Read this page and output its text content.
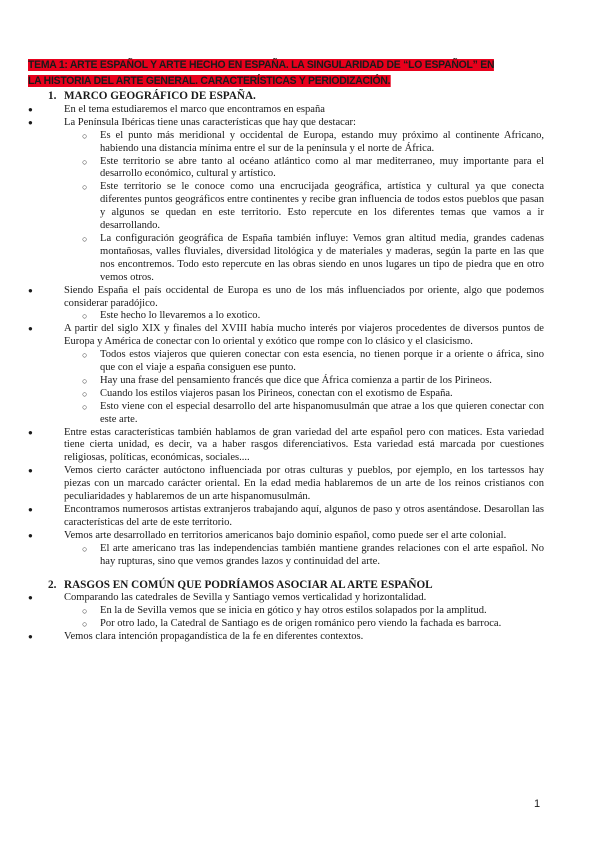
TEMA 1: ARTE ESPAÑOL Y ARTE HECHO EN ESPAÑA. LA SINGULARIDAD DE “LO ESPAÑOL” EN LA HISTORIA DEL ARTE GENERAL. CARACTERÍSTICAS Y PERIODIZACIÓN.
1. MARCO GEOGRÁFICO DE ESPAÑA.
● En el tema estudiaremos el marco que encontramos en españa
● La Península Ibéricas tiene unas características que hay que destacar:
○ Es el punto más meridional y occidental de Europa, estando muy próximo al continente Africano, habiendo una distancia mínima entre el sur de la península y el norte de África.
○ Este territorio se abre tanto al océano atlántico como al mar mediterraneo, muy importante para el desarrollo económico, cultural y artístico.
○ Este territorio se le conoce como una encrucijada geográfica, artística y cultural ya que conecta diferentes puntos geográficos entre continentes y recibe gran influencia de todos estos pueblos que pasan y algunos se quedan en este territorio. Esto repercute en los diferentes temas que vamos a ir desarrollando.
○ La configuración geográfica de España también influye: Vemos gran altitud media, grandes cadenas montañosas, valles fluviales, diversidad litológica y de materiales y maderas, según la parte en las que nos encontremos. Todo esto repercute en las obras siendo en unos lugares un tipo de piedra que en otro vemos otros.
● Siendo España el país occidental de Europa es uno de los más influenciados por oriente, algo que podemos considerar paradójico.
○ Este hecho lo llevaremos a lo exotico.
● A partir del siglo XIX y finales del XVIII había mucho interés por viajeros procedentes de diversos puntos de Europa y América de conectar con lo oriental y exótico que rompe con lo clásico y el clasicismo.
○ Todos estos viajeros que quieren conectar con esta esencia, no tienen porque ir a oriente o áfrica, sino que con el viaje a españa consiguen ese punto.
○ Hay una frase del pensamiento francés que dice que África comienza a partir de los Pirineos.
○ Cuando los estilos viajeros pasan los Pirineos, conectan con el exotismo de España.
○ Esto viene con el especial desarrollo del arte hispanomusulmán que atrae a los que quieren conectar con este arte.
● Entre estas características también hablamos de gran variedad del arte español pero con matices. Esta variedad tiene cierta unidad, es decir, va a haber rasgos diferenciativos. Esta variedad está marcada por cuestiones religiosas, políticas, económicas, sociales....
● Vemos cierto carácter autóctono influenciada por otras culturas y pueblos, por ejemplo, en los tartessos hay piezas con un marcado carácter oriental. En la edad media hablaremos de un arte de los reinos cristianos con peculiaridades y hablaremos de un arte hispanomusulmán.
● Encontramos numerosos artistas extranjeros trabajando aquí, algunos de paso y otros asentándose. Desarollan las características del arte de este territorio.
● Vemos arte desarrollado en territorios americanos bajo dominio español, como puede ser el arte colonial.
○ El arte americano tras las independencias también mantiene grandes relaciones con el arte español. No hay rupturas, sino que vemos grandes lazos y continuidad del arte.
2. RASGOS EN COMÚN QUE PODRÍAMOS ASOCIAR AL ARTE ESPAÑOL
● Comparando las catedrales de Sevilla y Santiago vemos verticalidad y horizontalidad.
○ En la de Sevilla vemos que se inicia en gótico y hay otros estilos solapados por la amplitud.
○ Por otro lado, la Catedral de Santiago es de origen románico pero viendo la fachada es barroca.
● Vemos clara intención propagandística de la fe en diferentes contextos.
1
